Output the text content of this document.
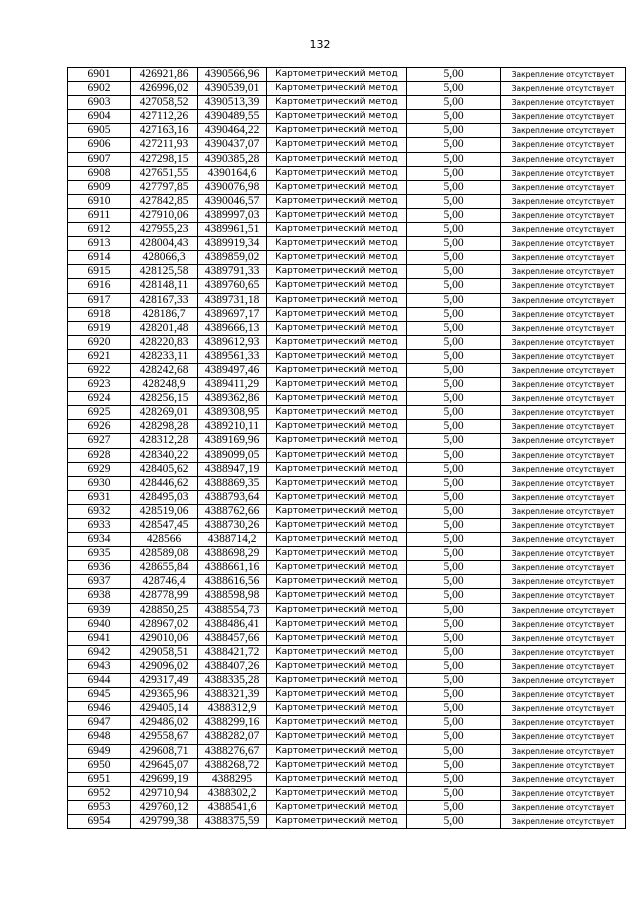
132
6901	426921,86	4390566,96	Картометрический метод	5,00	Закрепление отсутствует
6902	426996,02	4390539,01	Картометрический метод	5,00	Закрепление отсутствует
6903	427058,52	4390513,39	Картометрический метод	5,00	Закрепление отсутствует
6904	427112,26	4390489,55	Картометрический метод	5,00	Закрепление отсутствует
6905	427163,16	4390464,22	Картометрический метод	5,00	Закрепление отсутствует
6906	427211,93	4390437,07	Картометрический метод	5,00	Закрепление отсутствует
6907	427298,15	4390385,28	Картометрический метод	5,00	Закрепление отсутствует
6908	427651,55	4390164,6	Картометрический метод	5,00	Закрепление отсутствует
6909	427797,85	4390076,98	Картометрический метод	5,00	Закрепление отсутствует
6910	427842,85	4390046,57	Картометрический метод	5,00	Закрепление отсутствует
6911	427910,06	4389997,03	Картометрический метод	5,00	Закрепление отсутствует
6912	427955,23	4389961,51	Картометрический метод	5,00	Закрепление отсутствует
6913	428004,43	4389919,34	Картометрический метод	5,00	Закрепление отсутствует
6914	428066,3	4389859,02	Картометрический метод	5,00	Закрепление отсутствует
6915	428125,58	4389791,33	Картометрический метод	5,00	Закрепление отсутствует
6916	428148,11	4389760,65	Картометрический метод	5,00	Закрепление отсутствует
6917	428167,33	4389731,18	Картометрический метод	5,00	Закрепление отсутствует
6918	428186,7	4389697,17	Картометрический метод	5,00	Закрепление отсутствует
6919	428201,48	4389666,13	Картометрический метод	5,00	Закрепление отсутствует
6920	428220,83	4389612,93	Картометрический метод	5,00	Закрепление отсутствует
6921	428233,11	4389561,33	Картометрический метод	5,00	Закрепление отсутствует
6922	428242,68	4389497,46	Картометрический метод	5,00	Закрепление отсутствует
6923	428248,9	4389411,29	Картометрический метод	5,00	Закрепление отсутствует
6924	428256,15	4389362,86	Картометрический метод	5,00	Закрепление отсутствует
6925	428269,01	4389308,95	Картометрический метод	5,00	Закрепление отсутствует
6926	428298,28	4389210,11	Картометрический метод	5,00	Закрепление отсутствует
6927	428312,28	4389169,96	Картометрический метод	5,00	Закрепление отсутствует
6928	428340,22	4389099,05	Картометрический метод	5,00	Закрепление отсутствует
6929	428405,62	4388947,19	Картометрический метод	5,00	Закрепление отсутствует
6930	428446,62	4388869,35	Картометрический метод	5,00	Закрепление отсутствует
6931	428495,03	4388793,64	Картометрический метод	5,00	Закрепление отсутствует
6932	428519,06	4388762,66	Картометрический метод	5,00	Закрепление отсутствует
6933	428547,45	4388730,26	Картометрический метод	5,00	Закрепление отсутствует
6934	428566	4388714,2	Картометрический метод	5,00	Закрепление отсутствует
6935	428589,08	4388698,29	Картометрический метод	5,00	Закрепление отсутствует
6936	428655,84	4388661,16	Картометрический метод	5,00	Закрепление отсутствует
6937	428746,4	4388616,56	Картометрический метод	5,00	Закрепление отсутствует
6938	428778,99	4388598,98	Картометрический метод	5,00	Закрепление отсутствует
6939	428850,25	4388554,73	Картометрический метод	5,00	Закрепление отсутствует
6940	428967,02	4388486,41	Картометрический метод	5,00	Закрепление отсутствует
6941	429010,06	4388457,66	Картометрический метод	5,00	Закрепление отсутствует
6942	429058,51	4388421,72	Картометрический метод	5,00	Закрепление отсутствует
6943	429096,02	4388407,26	Картометрический метод	5,00	Закрепление отсутствует
6944	429317,49	4388335,28	Картометрический метод	5,00	Закрепление отсутствует
6945	429365,96	4388321,39	Картометрический метод	5,00	Закрепление отсутствует
6946	429405,14	4388312,9	Картометрический метод	5,00	Закрепление отсутствует
6947	429486,02	4388299,16	Картометрический метод	5,00	Закрепление отсутствует
6948	429558,67	4388282,07	Картометрический метод	5,00	Закрепление отсутствует
6949	429608,71	4388276,67	Картометрический метод	5,00	Закрепление отсутствует
6950	429645,07	4388268,72	Картометрический метод	5,00	Закрепление отсутствует
6951	429699,19	4388295	Картометрический метод	5,00	Закрепление отсутствует
6952	429710,94	4388302,2	Картометрический метод	5,00	Закрепление отсутствует
6953	429760,12	4388541,6	Картометрический метод	5,00	Закрепление отсутствует
6954	429799,38	4388375,59	Картометрический метод	5,00	Закрепление отсутствует
